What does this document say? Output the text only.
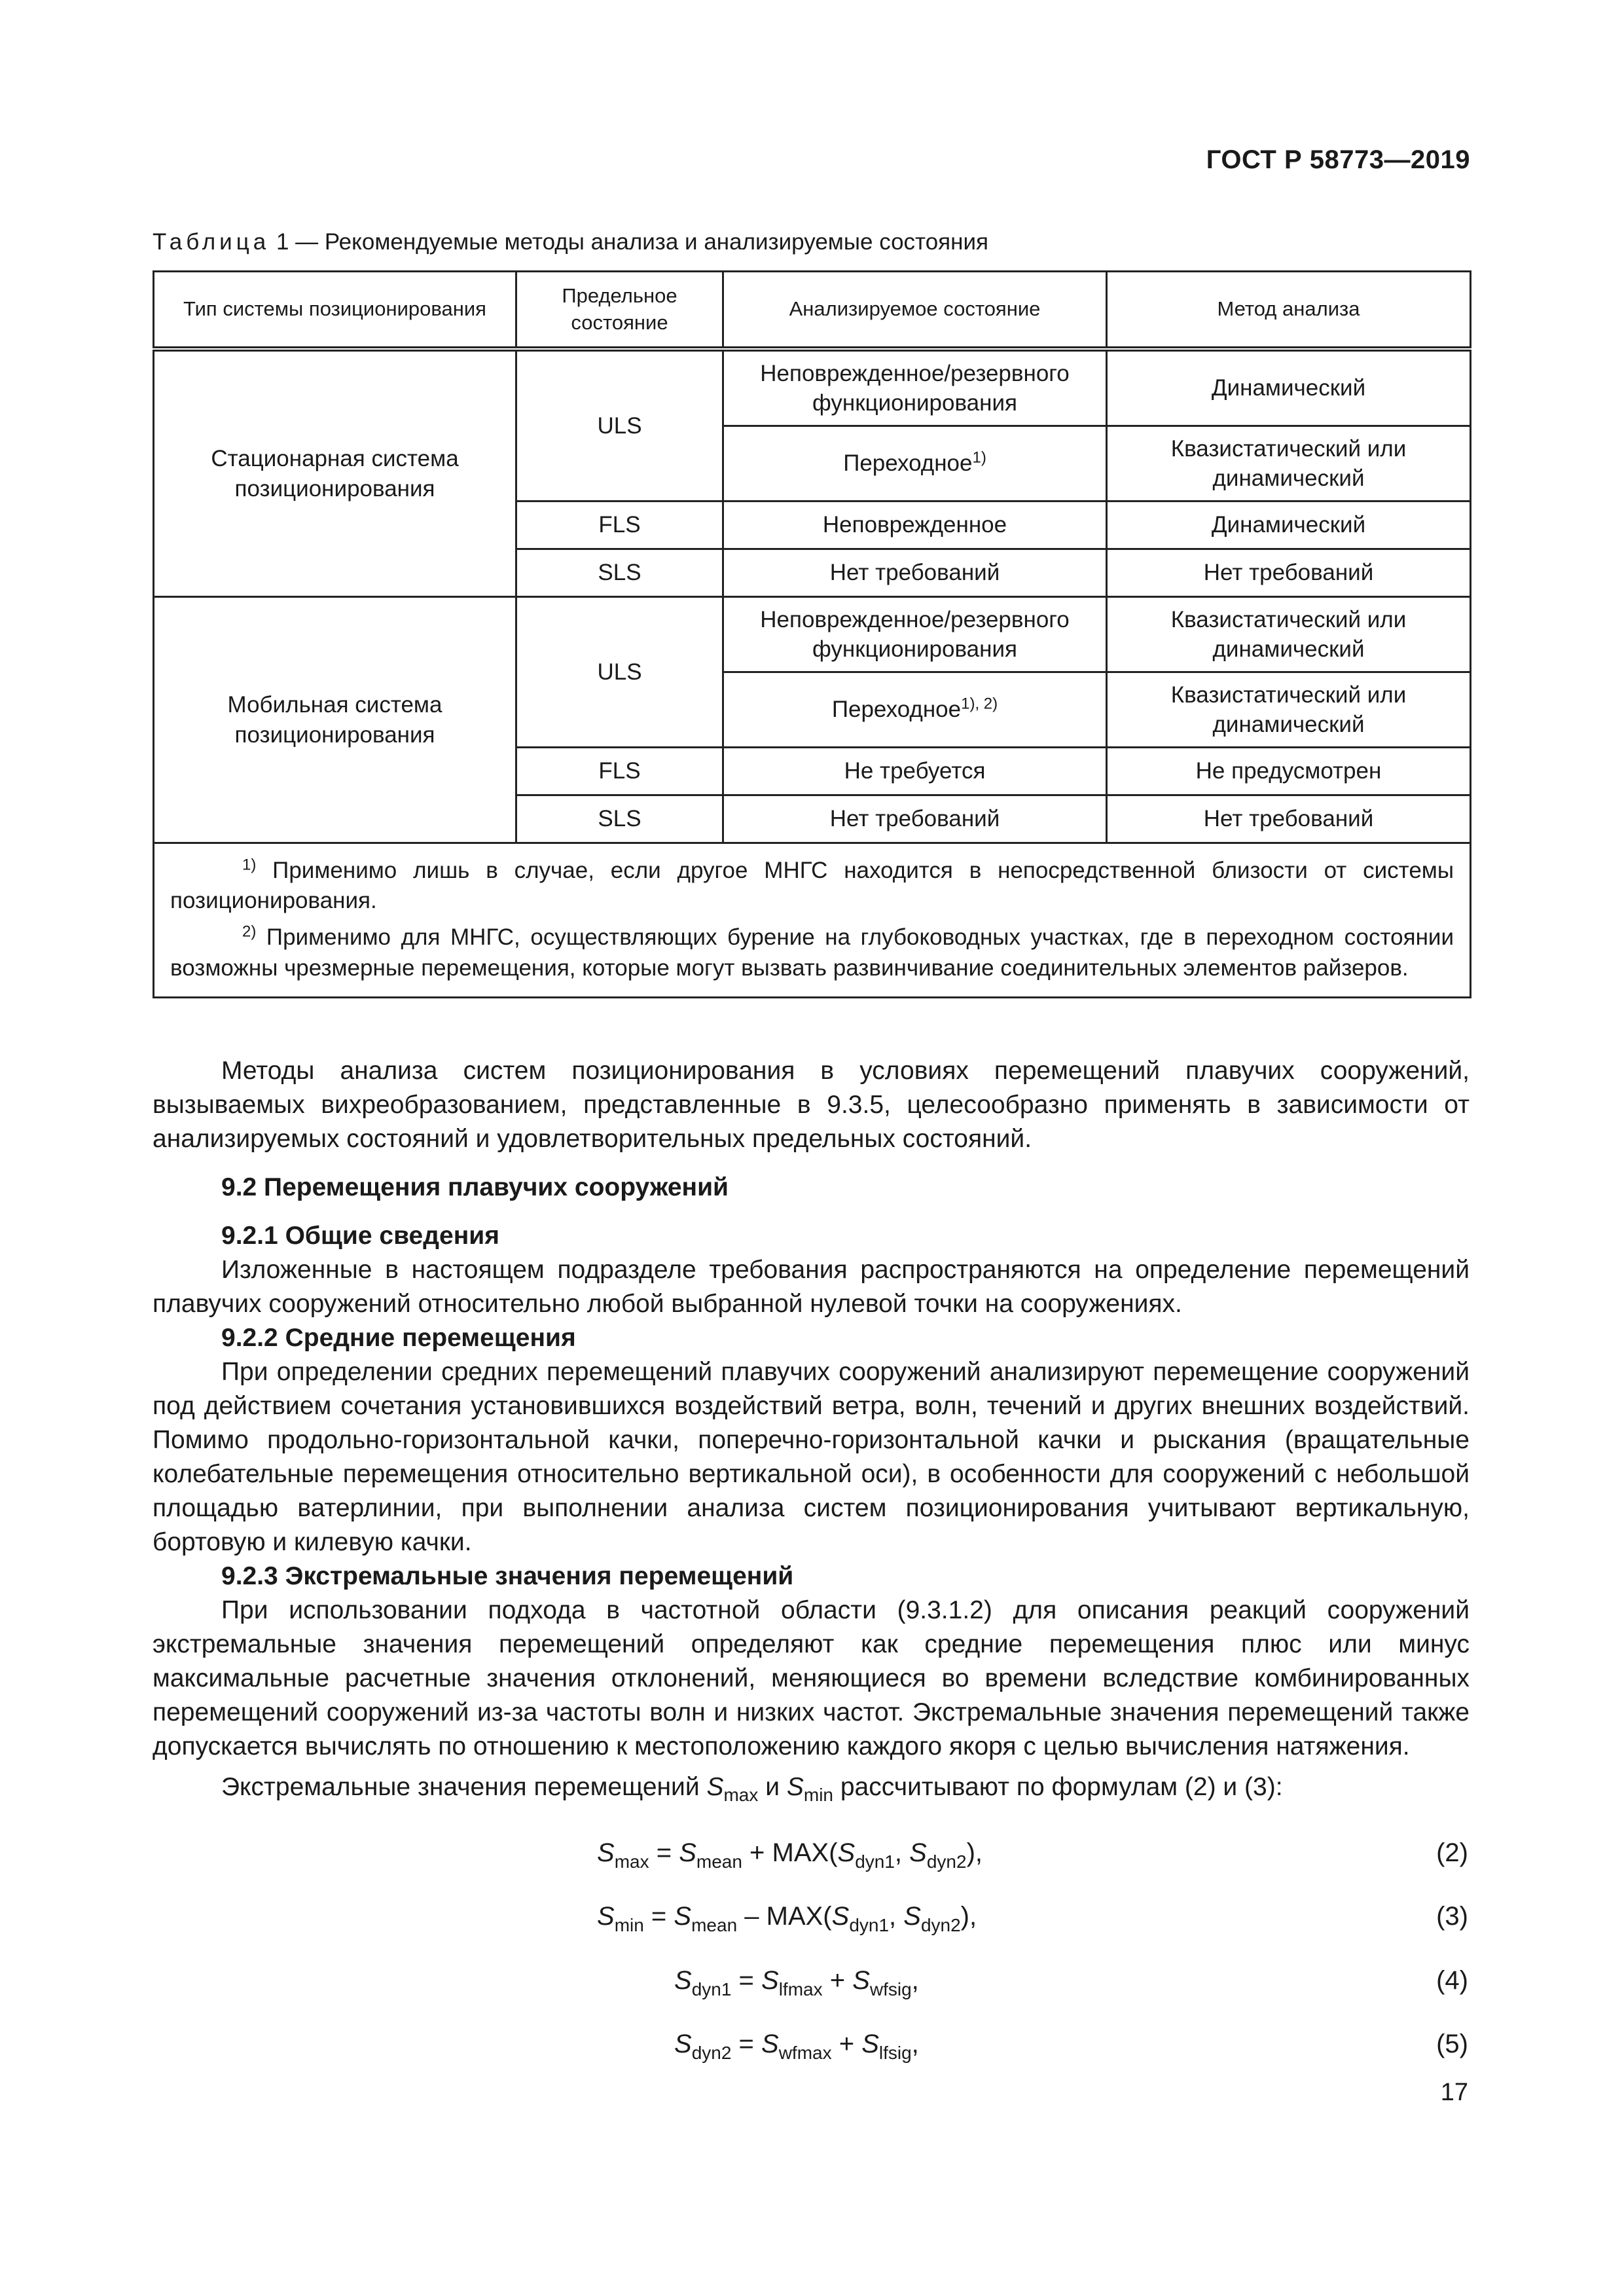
ГОСТ Р 58773—2019
Таблица 1 — Рекомендуемые методы анализа и анализируемые состояния
Тип системы позиционирования	Предельное состояние	Анализируемое состояние	Метод анализа
Стационарная система позиционирования	ULS	Неповрежденное/резервного функционирования	Динамический
		Переходное$^{1)}$	Квазистатический или динамический
	FLS	Неповрежденное	Динамический
	SLS	Нет требований	Нет требований
Мобильная система позиционирования	ULS	Неповрежденное/резервного функционирования	Квазистатический или динамический
		Переходное$^{1), 2)}$	Квазистатический или динамический
	FLS	Не требуется	Не предусмотрен
	SLS	Нет требований	Нет требований

$^{1)}$ Применимо лишь в случае, если другое МНГС находится в непосредственной близости от системы позиционирования.

$^{2)}$ Применимо для МНГС, осуществляющих бурение на глубоководных участках, где в переходном состоянии возможны чрезмерные перемещения, которые могут вызвать развинчивание соединительных элементов райзеров.			

Методы анализа систем позиционирования в условиях перемещений плавучих сооружений, вызываемых вихреобразованием, представленные в 9.3.5, целесообразно применять в зависимости от анализируемых состояний и удовлетворительных предельных состояний.

9.2 Перемещения плавучих сооружений

9.2.1 Общие сведения

Изложенные в настоящем подразделе требования распространяются на определение перемещений плавучих сооружений относительно любой выбранной нулевой точки на сооружениях.

9.2.2 Средние перемещения

При определении средних перемещений плавучих сооружений анализируют перемещение сооружений под действием сочетания установившихся воздействий ветра, волн, течений и других внешних воздействий. Помимо продольно-горизонтальной качки, поперечно-горизонтальной качки и рыскания (вращательные колебательные перемещения относительно вертикальной оси), в особенности для сооружений с небольшой площадью ватерлинии, при выполнении анализа систем позиционирования учитывают вертикальную, бортовую и килевую качки.

9.2.3 Экстремальные значения перемещений

При использовании подхода в частотной области (9.3.1.2) для описания реакций сооружений экстремальные значения перемещений определяют как средние перемещения плюс или минус максимальные расчетные значения отклонений, меняющиеся во времени вследствие комбинированных перемещений сооружений из-за частоты волн и низких частот. Экстремальные значения перемещений также допускается вычислять по отношению к местоположению каждого якоря с целью вычисления натяжения.

Экстремальные значения перемещений $S_{max}$ и $S_{min}$ рассчитывают по формулам (2) и (3):

$S_{max} = S_{mean} + MAX(S_{dyn1}$, $S_{dyn2}$),	(2)
$S_{min} = S_{mean} - MAX(S_{dyn1}$, $S_{dyn2}$),	(3)
$S_{dyn1} = S_{lfmax} + S_{wfsig}$,	(4)
$S_{dyn2} = S_{wfmax} + S_{lfsig}$,	(5)
17
